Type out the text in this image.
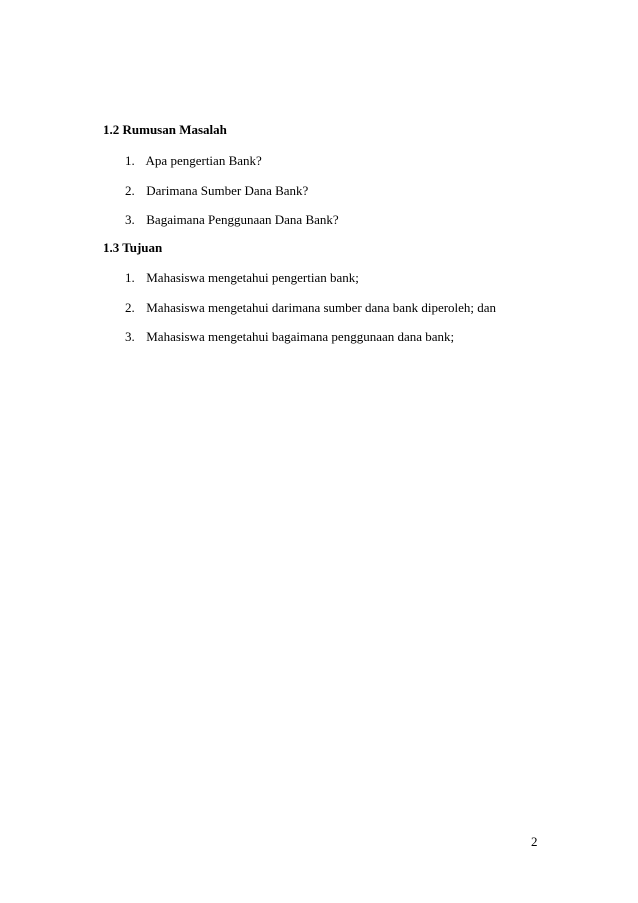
1.2 Rumusan Masalah
1. Apa pengertian Bank?
2. Darimana Sumber Dana Bank?
3. Bagaimana Penggunaan Dana Bank?
1.3 Tujuan
1. Mahasiswa mengetahui pengertian bank;
2. Mahasiswa mengetahui darimana sumber dana bank diperoleh; dan
3. Mahasiswa mengetahui bagaimana penggunaan dana bank;
2
